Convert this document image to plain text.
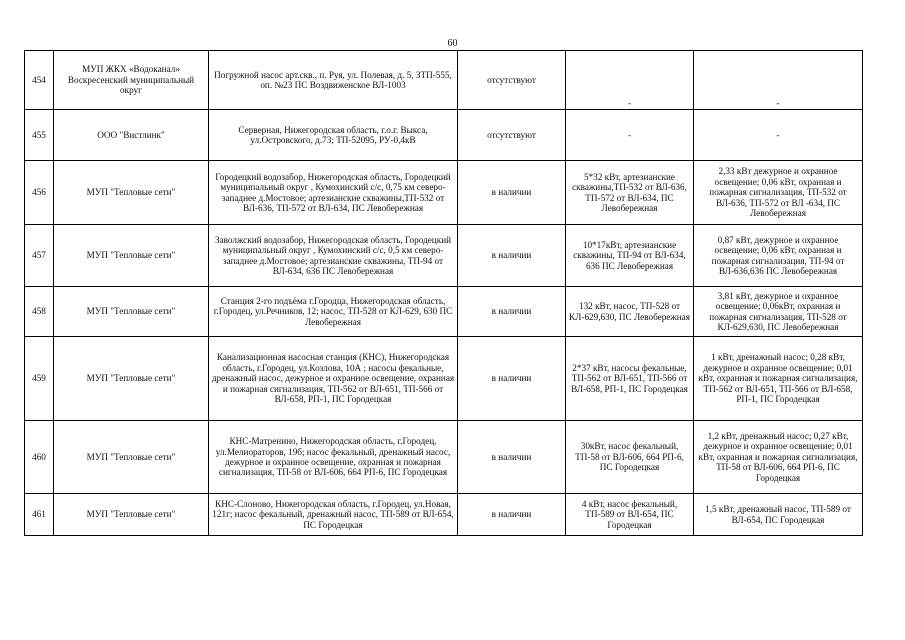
60
454	МУП ЖКХ «Водоканал» Воскресенский муниципальный округ	Погружной насос арт.скв., п. Руя, ул. Полевая, д. 5, ЗТП-555, оп. №23 ПС Воздвиженское ВЛ-1003	отсутствуют	-	-
455	ООО "Вистлинк"	Серверная, Нижегородская область, г.о.г. Выкса, ул.Островского, д.73; ТП-52095, РУ-0,4кВ	отсутствуют	-	-
456	МУП "Тепловые сети"	Городецкий водозабор, Нижегородская область, Городецкий муниципальный округ , Кумохинский с/с, 0,75 км северо-западнее д.Мостовое; артезианские скважины,ТП-532 от ВЛ-636, ТП-572 от ВЛ-634, ПС Левобережная	в наличии	5*32 кВт, артезианские скважины,ТП-532 от ВЛ-636, ТП-572 от ВЛ-634, ПС Левобережная	2,33 кВт дежурное и охранное освещение; 0,06 кВт, охранная и пожарная сигнализация, ТП-532 от ВЛ-636, ТП-572 от ВЛ -634, ПС Левобережная
457	МУП "Тепловые сети"	Заволжский водозабор, Нижегородская область, Городецкий муниципальный округ , Кумохинский с/с, 0,5 км северо-западнее д.Мостовое; артезианские скважины, ТП-94 от ВЛ-634, 636 ПС Левобережная	в наличии	10*17кВт, артезианские скважины, ТП-94 от ВЛ-634, 636 ПС Левобережная	0,87 кВт, дежурное и охранное освещение; 0,06 кВт, охранная и пожарная сигнализация, ТП-94 от ВЛ-636,636 ПС Левобережная
458	МУП "Тепловые сети"	Станция 2-го подъёма г.Городца, Нижегородская область, г.Городец, ул.Речников, 12; насос, ТП-528 от КЛ-629, 630 ПС Левобережная	в наличии	132 кВт, насос, ТП-528 от КЛ-629,630, ПС Левобережная	3,81 кВт, дежурное и охранное освещение; 0,06кВт, охранная и пожарная сигнализация, ТП-528 от КЛ-629,630, ПС Левобережная
459	МУП "Тепловые сети"	Канализационная насосная станция (КНС), Нижегородская область, г.Городец, ул.Козлова, 10А ; насосы фекальные, дренажный насос, дежурное и охранное освещение, охранная и пожарная сигнализация, ТП-562 от ВЛ-651, ТП-566 от ВЛ-658, РП-1, ПС Городецкая	в наличии	2*37 кВт, насосы фекальные, ТП-562 от ВЛ-651, ТП-566 от ВЛ-658, РП-1, ПС Городецкая	1 кВт, дренажный насос; 0,28 кВт, дежурное и охранное освещение; 0,01 кВт, охранная и пожарная сигнализация, ТП-562 от ВЛ-651, ТП-566 от ВЛ-658, РП-1, ПС Городецкая
460	МУП "Тепловые сети"	КНС-Матренино, Нижегородская область, г.Городец, ул.Мелиораторов, 19б; насос фекальный, дренажный насос, дежурное и охранное освещение, охранная и пожарная сигнализация, ТП-58 от ВЛ-606, 664 РП-6, ПС Городецкая	в наличии	30кВт, насос фекальный, ТП-58 от ВЛ-606, 664 РП-6, ПС Городецкая	1,2 кВт, дренажный насос; 0,27 кВт, дежурное и охранное освещение; 0,01 кВт, охранная и пожарная сигнализация, ТП-58 от ВЛ-606, 664 РП-6, ПС Городецкая
461	МУП "Тепловые сети"	КНС-Слоново, Нижегородская область, г.Городец, ул.Новая, 121г; насос фекальный, дренажный насос, ТП-589 от ВЛ-654, ПС Городецкая	в наличии	4 кВт, насос фекальный, ТП-589 от ВЛ-654, ПС Городецкая	1,5 кВт, дренажный насос, ТП-589 от ВЛ-654, ПС Городецкая
